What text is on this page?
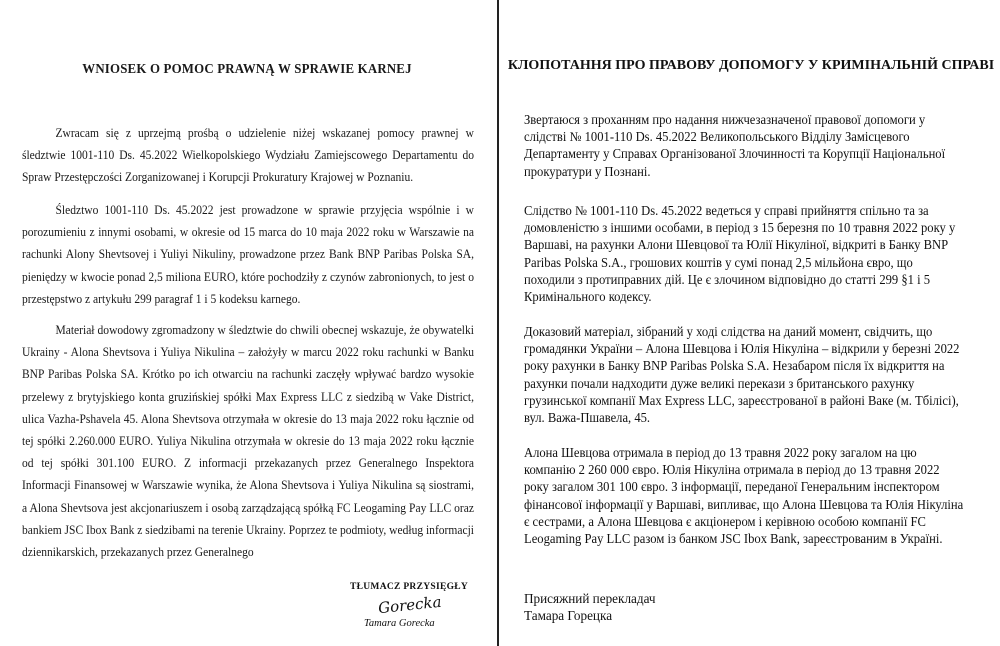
WNIOSEK O POMOC PRAWNĄ W SPRAWIE KARNEJ

Zwracam się z uprzejmą prośbą o udzielenie niżej wskazanej pomocy prawnej w śledztwie 1001-110 Ds. 45.2022 Wielkopolskiego Wydziału Zamiejscowego Departamentu do Spraw Przestępczości Zorganizowanej i Korupcji Prokuratury Krajowej w Poznaniu.

Śledztwo 1001-110 Ds. 45.2022 jest prowadzone w sprawie przyjęcia wspólnie i w porozumieniu z innymi osobami, w okresie od 15 marca do 10 maja 2022 roku w Warszawie na rachunki Alony Shevtsovej i Yuliyi Nikuliny, prowadzone przez Bank BNP Paribas Polska SA, pieniędzy w kwocie ponad 2,5 miliona EURO, które pochodziły z czynów zabronionych, to jest o przestępstwo z artykułu 299 paragraf 1 i 5 kodeksu karnego.

Materiał dowodowy zgromadzony w śledztwie do chwili obecnej wskazuje, że obywatelki Ukrainy - Alona Shevtsova i Yuliya Nikulina – założyły w marcu 2022 roku rachunki w Banku BNP Paribas Polska SA. Krótko po ich otwarciu na rachunki zaczęły wpływać bardzo wysokie przelewy z brytyjskiego konta gruzińskiej spółki Max Express LLC z siedzibą w Vake District, ulica Vazha-Pshavela 45. Alona Shevtsova otrzymała w okresie do 13 maja 2022 roku łącznie od tej spółki 2.260.000 EURO. Yuliya Nikulina otrzymała w okresie do 13 maja 2022 roku łącznie od tej spółki 301.100 EURO. Z informacji przekazanych przez Generalnego Inspektora Informacji Finansowej w Warszawie wynika, że Alona Shevtsova i Yuliya Nikulina są siostrami, a Alona Shevtsova jest akcjonariuszem i osobą zarządzającą spółką FC Leogaming Pay LLC oraz bankiem JSC Ibox Bank z siedzibami na terenie Ukrainy. Poprzez te podmioty, według informacji dziennikarskich, przekazanych przez Generalnego

TŁUMACZ PRZYSIĘGŁY
Gorecka
Tamara Gorecka
КЛОПОТАННЯ ПРО ПРАВОВУ ДОПОМОГУ У КРИМІНАЛЬНІЙ СПРАВІ

Звертаюся з проханням про надання нижчезазначеної правової допомоги у слідстві № 1001-110 Ds. 45.2022 Великопольського Відділу Замісцевого Департаменту у Справах Організованої Злочинності та Корупції Національної прокуратури у Познані.

Слідство № 1001-110 Ds. 45.2022 ведеться у справі прийняття спільно та за домовленістю з іншими особами, в період з 15 березня по 10 травня 2022 року у Варшаві, на рахунки Алони Шевцової та Юлії Нікуліної, відкриті в Банку BNP Paribas Polska S.A., грошових коштів у сумі понад 2,5 мільйона євро, що походили з протиправних дій. Це є злочином відповідно до статті 299 §1 і 5 Кримінального кодексу.

Доказовий матеріал, зібраний у ході слідства на даний момент, свідчить, що громадянки України – Алона Шевцова і Юлія Нікуліна – відкрили у березні 2022 року рахунки в Банку BNP Paribas Polska S.A. Незабаром після їх відкриття на рахунки почали надходити дуже великі перекази з британського рахунку грузинської компанії Max Express LLC, зареєстрованої в районі Ваке (м. Тбілісі), вул. Важа-Пшавела, 45.

Алона Шевцова отримала в період до 13 травня 2022 року загалом на цю компанію 2 260 000 євро. Юлія Нікуліна отримала в період до 13 травня 2022 року загалом 301 100 євро. З інформації, переданої Генеральним інспектором фінансової інформації у Варшаві, випливає, що Алона Шевцова та Юлія Нікуліна є сестрами, а Алона Шевцова є акціонером і керівною особою компанії FC Leogaming Pay LLC разом із банком JSC Ibox Bank, зареєстрованим в Україні.

Присяжний перекладач
Тамара Горецка
